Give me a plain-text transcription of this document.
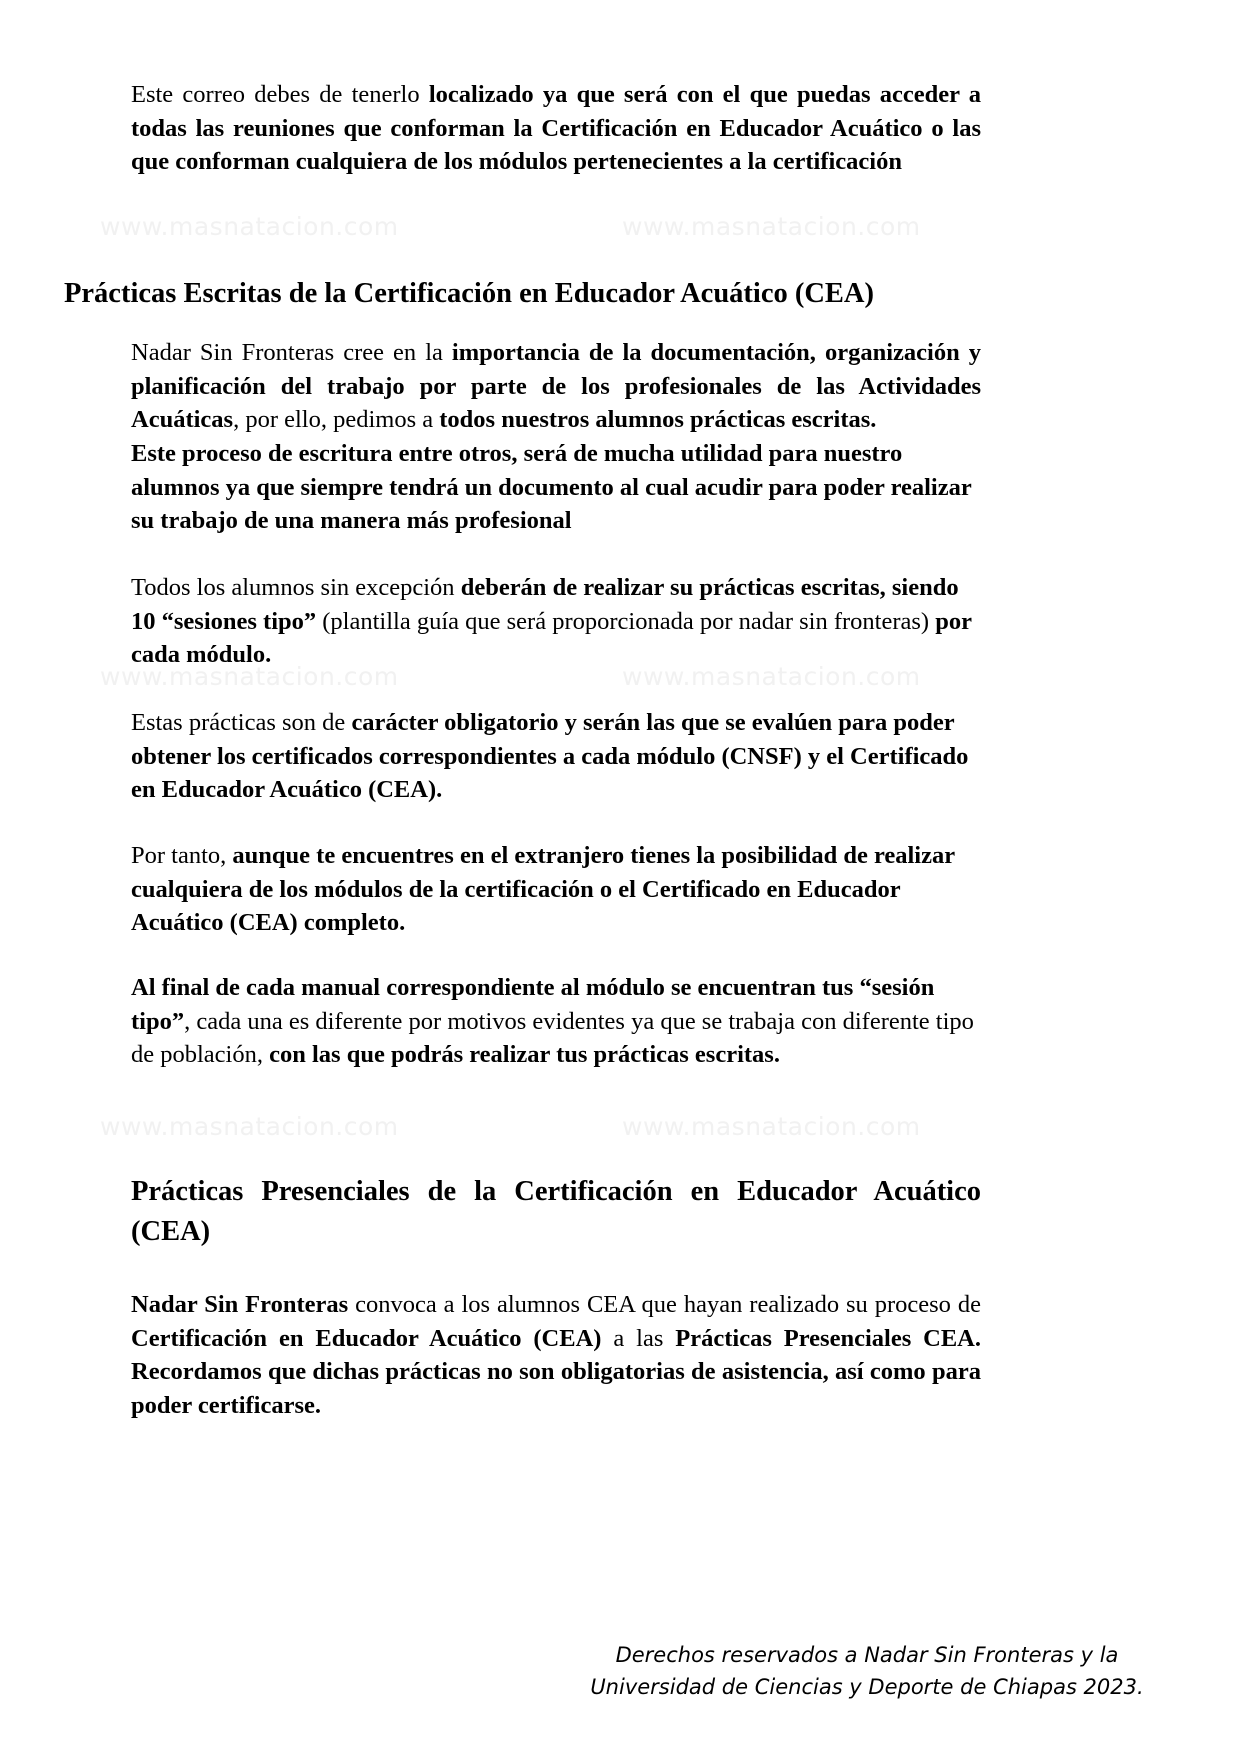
www.masnatacion.com	www.masnatacion.com
www.masnatacion.com	www.masnatacion.com
www.masnatacion.com	www.masnatacion.com

Este correo debes de tenerlo localizado ya que será con el que puedas acceder a todas las reuniones que conforman la Certificación en Educador Acuático o las que conforman cualquiera de los módulos pertenecientes a la certificación

Prácticas Escritas de la Certificación en Educador Acuático (CEA)

Nadar Sin Fronteras cree en la importancia de la documentación, organización y planificación del trabajo por parte de los profesionales de las Actividades Acuáticas, por ello, pedimos a todos nuestros alumnos prácticas escritas.

Este proceso de escritura entre otros, será de mucha utilidad para nuestro alumnos ya que siempre tendrá un documento al cual acudir para poder realizar su trabajo de una manera más profesional

Todos los alumnos sin excepción deberán de realizar su prácticas escritas, siendo 10 “sesiones tipo” (plantilla guía que será proporcionada por nadar sin fronteras) por cada módulo.

Estas prácticas son de carácter obligatorio y serán las que se evalúen para poder obtener los certificados correspondientes a cada módulo (CNSF) y el Certificado en Educador Acuático (CEA).

Por tanto, aunque te encuentres en el extranjero tienes la posibilidad de realizar cualquiera de los módulos de la certificación o el Certificado en Educador Acuático (CEA) completo.

Al final de cada manual correspondiente al módulo se encuentran tus “sesión tipo”, cada una es diferente por motivos evidentes ya que se trabaja con diferente tipo de población, con las que podrás realizar tus prácticas escritas.

Prácticas Presenciales de la Certificación en Educador Acuático (CEA)

Nadar Sin Fronteras convoca a los alumnos CEA que hayan realizado su proceso de Certificación en Educador Acuático (CEA) a las Prácticas Presenciales CEA. Recordamos que dichas prácticas no son obligatorias de asistencia, así como para poder certificarse.

Derechos reservados a Nadar Sin Fronteras y la
Universidad de Ciencias y Deporte de Chiapas 2023.
